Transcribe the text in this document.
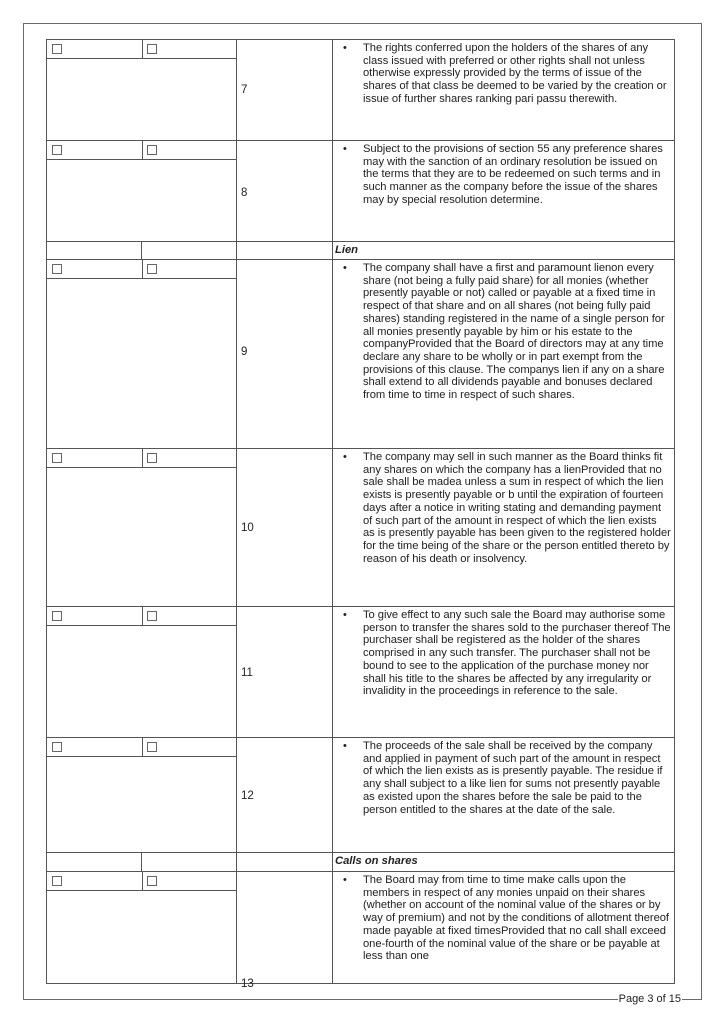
7
• The rights conferred upon the holders of the shares of any class issued with preferred or other rights shall not unless otherwise expressly provided by the terms of issue of the shares of that class be deemed to be varied by the creation or issue of further shares ranking pari passu therewith.
8
• Subject to the provisions of section 55 any preference shares may with the sanction of an ordinary resolution be issued on the terms that they are to be redeemed on such terms and in such manner as the company before the issue of the shares may by special resolution determine.
Lien
9
• The company shall have a first and paramount lienon every share (not being a fully paid share) for all monies (whether presently payable or not) called or payable at a fixed time in respect of that share and on all shares (not being fully paid shares) standing registered in the name of a single person for all monies presently payable by him or his estate to the companyProvided that the Board of directors may at any time declare any share to be wholly or in part exempt from the provisions of this clause. The companys lien if any on a share shall extend to all dividends payable and bonuses declared from time to time in respect of such shares.
10
• The company may sell in such manner as the Board thinks fit any shares on which the company has a lienProvided that no sale shall be madea unless a sum in respect of which the lien exists is presently payable or b until the expiration of fourteen days after a notice in writing stating and demanding payment of such part of the amount in respect of which the lien exists as is presently payable has been given to the registered holder for the time being of the share or the person entitled thereto by reason of his death or insolvency.
11
• To give effect to any such sale the Board may authorise some person to transfer the shares sold to the purchaser thereof The purchaser shall be registered as the holder of the shares comprised in any such transfer. The purchaser shall not be bound to see to the application of the purchase money nor shall his title to the shares be affected by any irregularity or invalidity in the proceedings in reference to the sale.
12
• The proceeds of the sale shall be received by the company and applied in payment of such part of the amount in respect of which the lien exists as is presently payable. The residue if any shall subject to a like lien for sums not presently payable as existed upon the shares before the sale be paid to the person entitled to the shares at the date of the sale.
Calls on shares
13
• The Board may from time to time make calls upon the members in respect of any monies unpaid on their shares (whether on account of the nominal value of the shares or by way of premium) and not by the conditions of allotment thereof made payable at fixed timesProvided that no call shall exceed one-fourth of the nominal value of the share or be payable at less than one
Page 3 of 15
